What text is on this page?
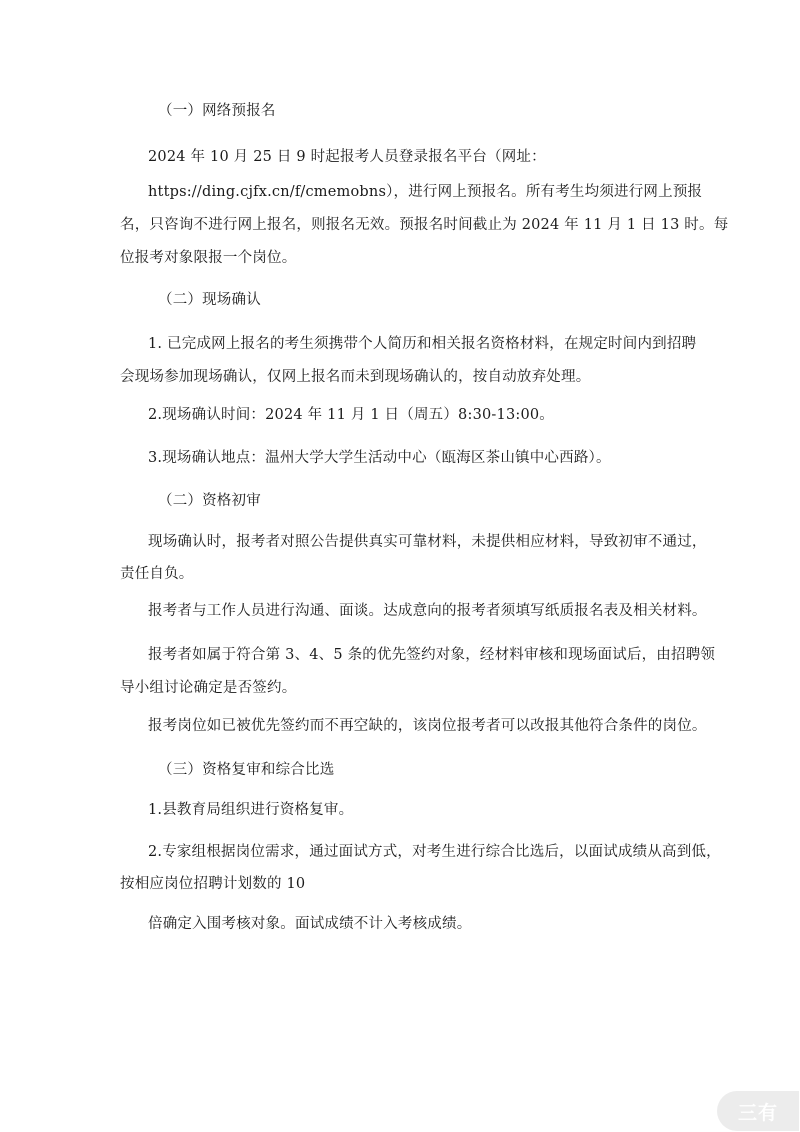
（一）网络预报名
2024 年 10 月 25 日 9 时起报考人员登录报名平台（网址：
https://ding.cjfx.cn/f/cmemobns），进行网上预报名。所有考生均须进行网上预报
名，只咨询不进行网上报名，则报名无效。预报名时间截止为 2024 年 11 月 1 日 13 时。每
位报考对象限报一个岗位。
（二）现场确认
1. 已完成网上报名的考生须携带个人简历和相关报名资格材料，在规定时间内到招聘
会现场参加现场确认，仅网上报名而未到现场确认的，按自动放弃处理。
2.现场确认时间：2024 年 11 月 1 日（周五）8:30-13:00。
3.现场确认地点：温州大学大学生活动中心（瓯海区茶山镇中心西路）。
（二）资格初审
现场确认时，报考者对照公告提供真实可靠材料，未提供相应材料，导致初审不通过，
责任自负。
报考者与工作人员进行沟通、面谈。达成意向的报考者须填写纸质报名表及相关材料。
报考者如属于符合第 3、4、5 条的优先签约对象，经材料审核和现场面试后，由招聘领
导小组讨论确定是否签约。
报考岗位如已被优先签约而不再空缺的，该岗位报考者可以改报其他符合条件的岗位。
（三）资格复审和综合比选
1.县教育局组织进行资格复审。
2.专家组根据岗位需求，通过面试方式，对考生进行综合比选后，以面试成绩从高到低，
按相应岗位招聘计划数的 10
倍确定入围考核对象。面试成绩不计入考核成绩。
三有
